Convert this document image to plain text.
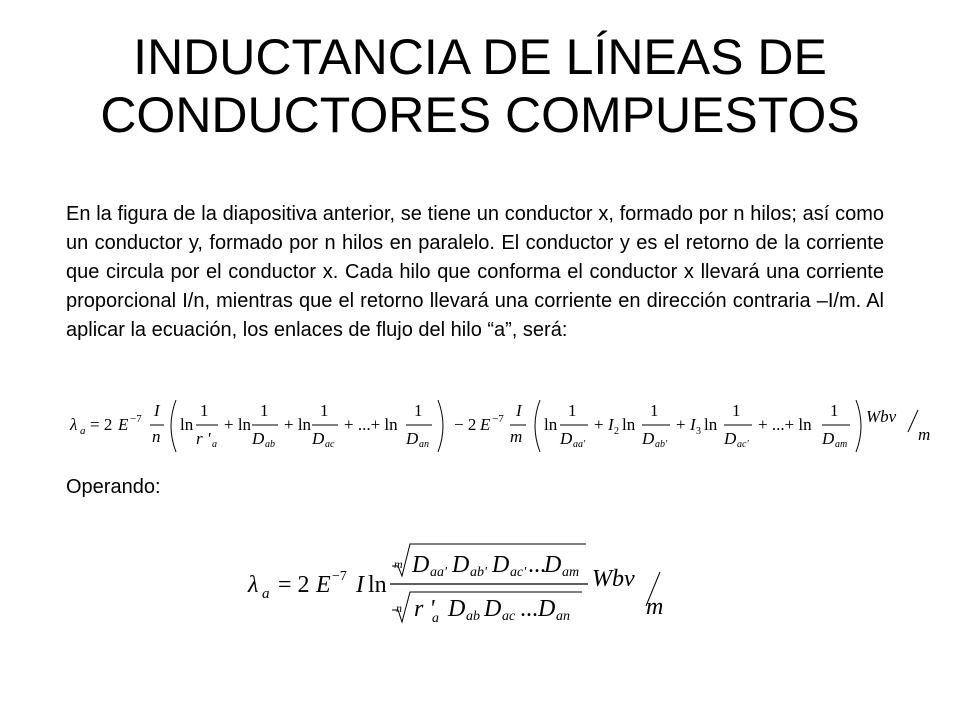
INDUCTANCIA DE LÍNEAS DE
CONDUCTORES COMPUESTOS

En la figura de la diapositiva anterior, se tiene un conductor x, formado por n hilos; así como un conductor y, formado por n hilos en paralelo. El conductor y es el retorno de la corriente que circula por el conductor x. Cada hilo que conforma el conductor x llevará una corriente proporcional I/n, mientras que el retorno llevará una corriente en dirección contraria –I/m. Al aplicar la ecuación, los enlaces de flujo del hilo “a”, será:

λ a = 2 E −7 I
n
ln
1
r ' a
+ ln
1
D ab
+ ln
1
D ac
+ ...+ ln
1
D an
− 2 E −7 I
m
ln
1
D aa'
+ I 2 ln
1
D ab'
+ I 3 ln
1
D ac'
+ ...+ ln
1
D am
Wbv
m
Operando:
λ a = 2 E −7 I ln
m D aa' D ab' D ac' ...
D am
n r '
a D ab D ac ... D an
Wbv
m
